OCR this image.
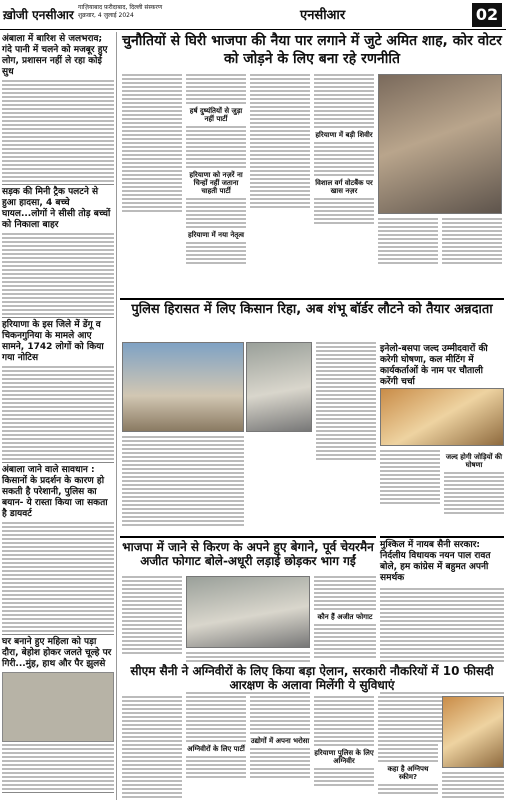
ख़ोजी एनसीआर
गाज़ियाबाद फ़रीदाबाद, दिल्ली संस्करण
शुक्रवार, 4 जुलाई 2024	एनसीआर	02
अंबाला में बारिश से जलभराव; गंदे पानी में चलने को मजबूर हुए लोग, प्रशासन नहीं ले रहा कोई सुध
सड़क की मिनी ट्रैक पलटने से हुआ हादसा, 4 बच्चे घायल...लोगों ने सीसी तोड़ बच्चों को निकाला बाहर
हरियाणा के इस जिले में डेंगू व चिकनगुनिया के मामले आए सामने, 1742 लोगों को किया गया नोटिस
अंबाला जाने वाले सावधान : किसानों के प्रदर्शन के कारण हो सकती है परेशानी, पुलिस का बयान- ये रास्ता किया जा सकता है डायवर्ट
घर बनाने हुए महिला को पड़ा दौरा, बेहोश होकर जलते चूल्हे पर गिरी...मुंह, हाथ और पैर झुलसे
चुनौतियों से घिरी भाजपा की नैया पार लगाने में जुटे अमित शाह, कोर वोटर को जोड़ने के लिए बना रहे रणनीति
हर्ष दुष्यंतियों से जुड़ा नहीं पार्टी
हरियाणा को नज़रें ना चिन्हों नहीं जताना चाहती पार्टी
हरियाणा में नया नेतृत्व
हरियाणा में बड़ी शिवीर
विशाल वर्ग वोटबैंक पर खास नज़र
पुलिस हिरासत में लिए किसान रिहा, अब शंभू बॉर्डर लौटने को तैयार अन्नदाता
इनेलो-बसपा जल्द उम्मीदवारों की करेगी घोषणा, कल मीटिंग में कार्यकर्ताओं के नाम पर चौताली करेंगी चर्चा
जल्द होगी जोड़ियों की घोषणा
भाजपा में जाने से किरण के अपने हुए बेगाने, पूर्व चेयरमैन अजीत फोगाट बोले-अधूरी लड़ाई छोड़कर भाग गईं
कौन हैं अजीत फोगाट
मुश्किल में नायब सैनी सरकार: निर्दलीय विधायक नयन पाल रावत बोले, हम कांग्रेस में बहुमत अपनी समर्थक
सीएम सैनी ने अग्निवीरों के लिए किया बड़ा ऐलान, सरकारी नौकरियों में 10 फीसदी आरक्षण के अलावा मिलेंगी ये सुविधाएं
अग्निवीरों के लिए पार्टी
उद्योगों में अपना भरोसा
हरियाणा पुलिस के लिए अग्निवीर
कहा है अग्निपथ स्कीम?
